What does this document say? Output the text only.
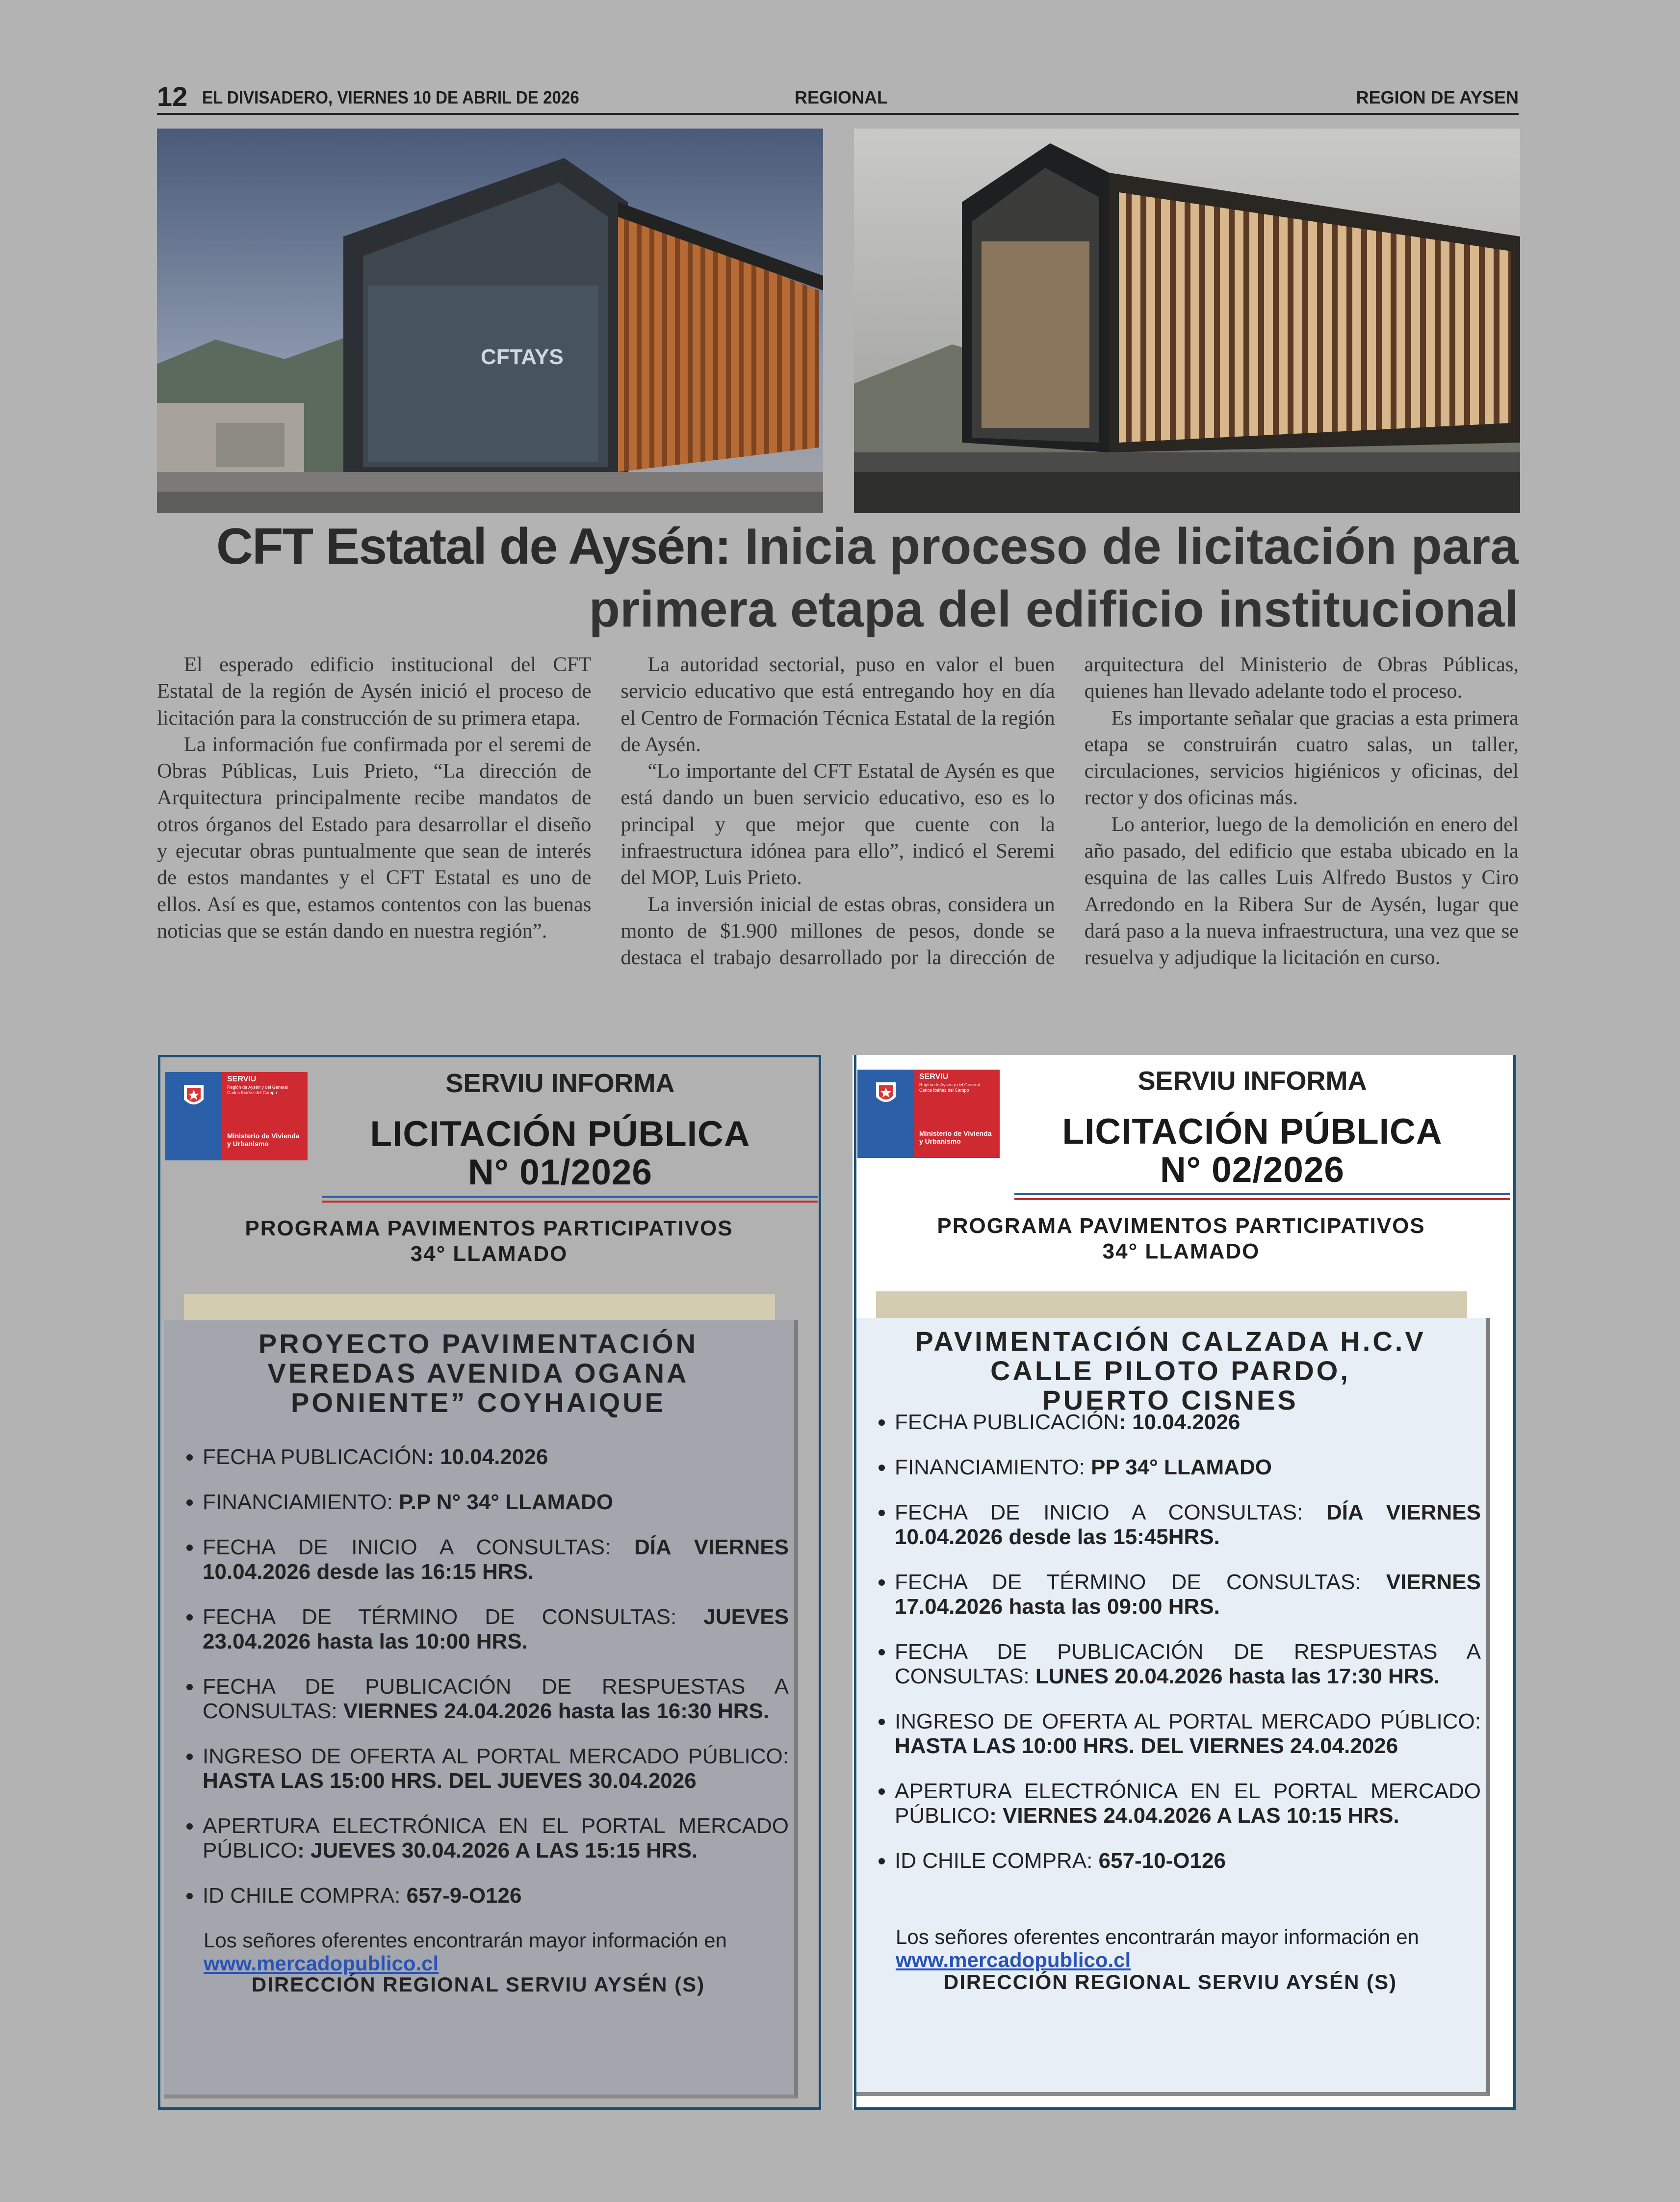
12 EL DIVISADERO, VIERNES 10 DE ABRIL DE 2026	REGIONAL	REGION DE AYSEN
CFTAYS
CFT Estatal de Aysén: Inicia proceso de licitación para
primera etapa del edificio institucional

El esperado edificio institucional del CFT Estatal de la región de Aysén inició el proceso de licitación para la construcción de su primera etapa.

La información fue confirmada por el seremi de Obras Públicas, Luis Prieto, “La dirección de Arquitectura principalmente recibe mandatos de otros órganos del Estado para desarrollar el diseño y ejecutar obras puntualmente que sean de interés de estos mandantes y el CFT Estatal es uno de ellos. Así es que, estamos contentos con las buenas noticias que se están dando en nuestra región”.

La autoridad sectorial, puso en valor el buen servicio educativo que está entregando hoy en día el Centro de Formación Técnica Estatal de la región de Aysén.

“Lo importante del CFT Estatal de Aysén es que está dando un buen servicio educativo, eso es lo principal y que mejor que cuente con la infraestructura idónea para ello”, indicó el Seremi del MOP, Luis Prieto.

La inversión inicial de estas obras, considera un monto de $1.900 millones de pesos, donde se destaca el trabajo desarrollado por la dirección de arquitectura del Ministerio de Obras Públicas, quienes han llevado adelante todo el proceso.

Es importante señalar que gracias a esta primera etapa se construirán cuatro salas, un taller, circulaciones, servicios higiénicos y oficinas, del rector y dos oficinas más.

Lo anterior, luego de la demolición en enero del año pasado, del edificio que estaba ubicado en la esquina de las calles Luis Alfredo Bustos y Ciro Arredondo en la Ribera Sur de Aysén, lugar que dará paso a la nueva infraestructura, una vez que se resuelva y adjudique la licitación en curso.

SERVIU
Región de Aysén y del General Carlos Ibáñez del Campo
Ministerio de Vivienda y Urbanismo
SERVIU INFORMA
LICITACIÓN PÚBLICA
N° 01/2026
PROGRAMA PAVIMENTOS PARTICIPATIVOS
34° LLAMADO
PROYECTO PAVIMENTACIÓN
VEREDAS AVENIDA OGANA
PONIENTE” COYHAIQUE
• FECHA PUBLICACIÓN: 10.04.2026
• FINANCIAMIENTO: P.P N° 34° LLAMADO
• FECHA DE INICIO A CONSULTAS: DÍA VIERNES 10.04.2026 desde las 16:15 HRS.
• FECHA DE TÉRMINO DE CONSULTAS: JUEVES 23.04.2026 hasta las 10:00 HRS.
• FECHA DE PUBLICACIÓN DE RESPUESTAS A CONSULTAS: VIERNES 24.04.2026 hasta las 16:30 HRS.
• INGRESO DE OFERTA AL PORTAL MERCADO PÚBLICO: HASTA LAS 15:00 HRS. DEL JUEVES 30.04.2026
• APERTURA ELECTRÓNICA EN EL PORTAL MERCADO PÚBLICO: JUEVES 30.04.2026 A LAS 15:15 HRS.
• ID CHILE COMPRA: 657-9-O126
Los señores oferentes encontrarán mayor información en www.mercadopublico.cl
DIRECCIÓN REGIONAL SERVIU AYSÉN (S)
SERVIU
Región de Aysén y del General Carlos Ibáñez del Campo
Ministerio de Vivienda y Urbanismo
SERVIU INFORMA
LICITACIÓN PÚBLICA
N° 02/2026
PROGRAMA PAVIMENTOS PARTICIPATIVOS
34° LLAMADO
PAVIMENTACIÓN CALZADA H.C.V
CALLE PILOTO PARDO,
PUERTO CISNES
• FECHA PUBLICACIÓN: 10.04.2026
• FINANCIAMIENTO: PP 34° LLAMADO
• FECHA DE INICIO A CONSULTAS: DÍA VIERNES 10.04.2026 desde las 15:45HRS.
• FECHA DE TÉRMINO DE CONSULTAS: VIERNES 17.04.2026 hasta las 09:00 HRS.
• FECHA DE PUBLICACIÓN DE RESPUESTAS A CONSULTAS: LUNES 20.04.2026 hasta las 17:30 HRS.
• INGRESO DE OFERTA AL PORTAL MERCADO PÚBLICO: HASTA LAS 10:00 HRS. DEL VIERNES 24.04.2026
• APERTURA ELECTRÓNICA EN EL PORTAL MERCADO PÚBLICO: VIERNES 24.04.2026 A LAS 10:15 HRS.
• ID CHILE COMPRA: 657-10-O126
Los señores oferentes encontrarán mayor información en www.mercadopublico.cl
DIRECCIÓN REGIONAL SERVIU AYSÉN (S)
